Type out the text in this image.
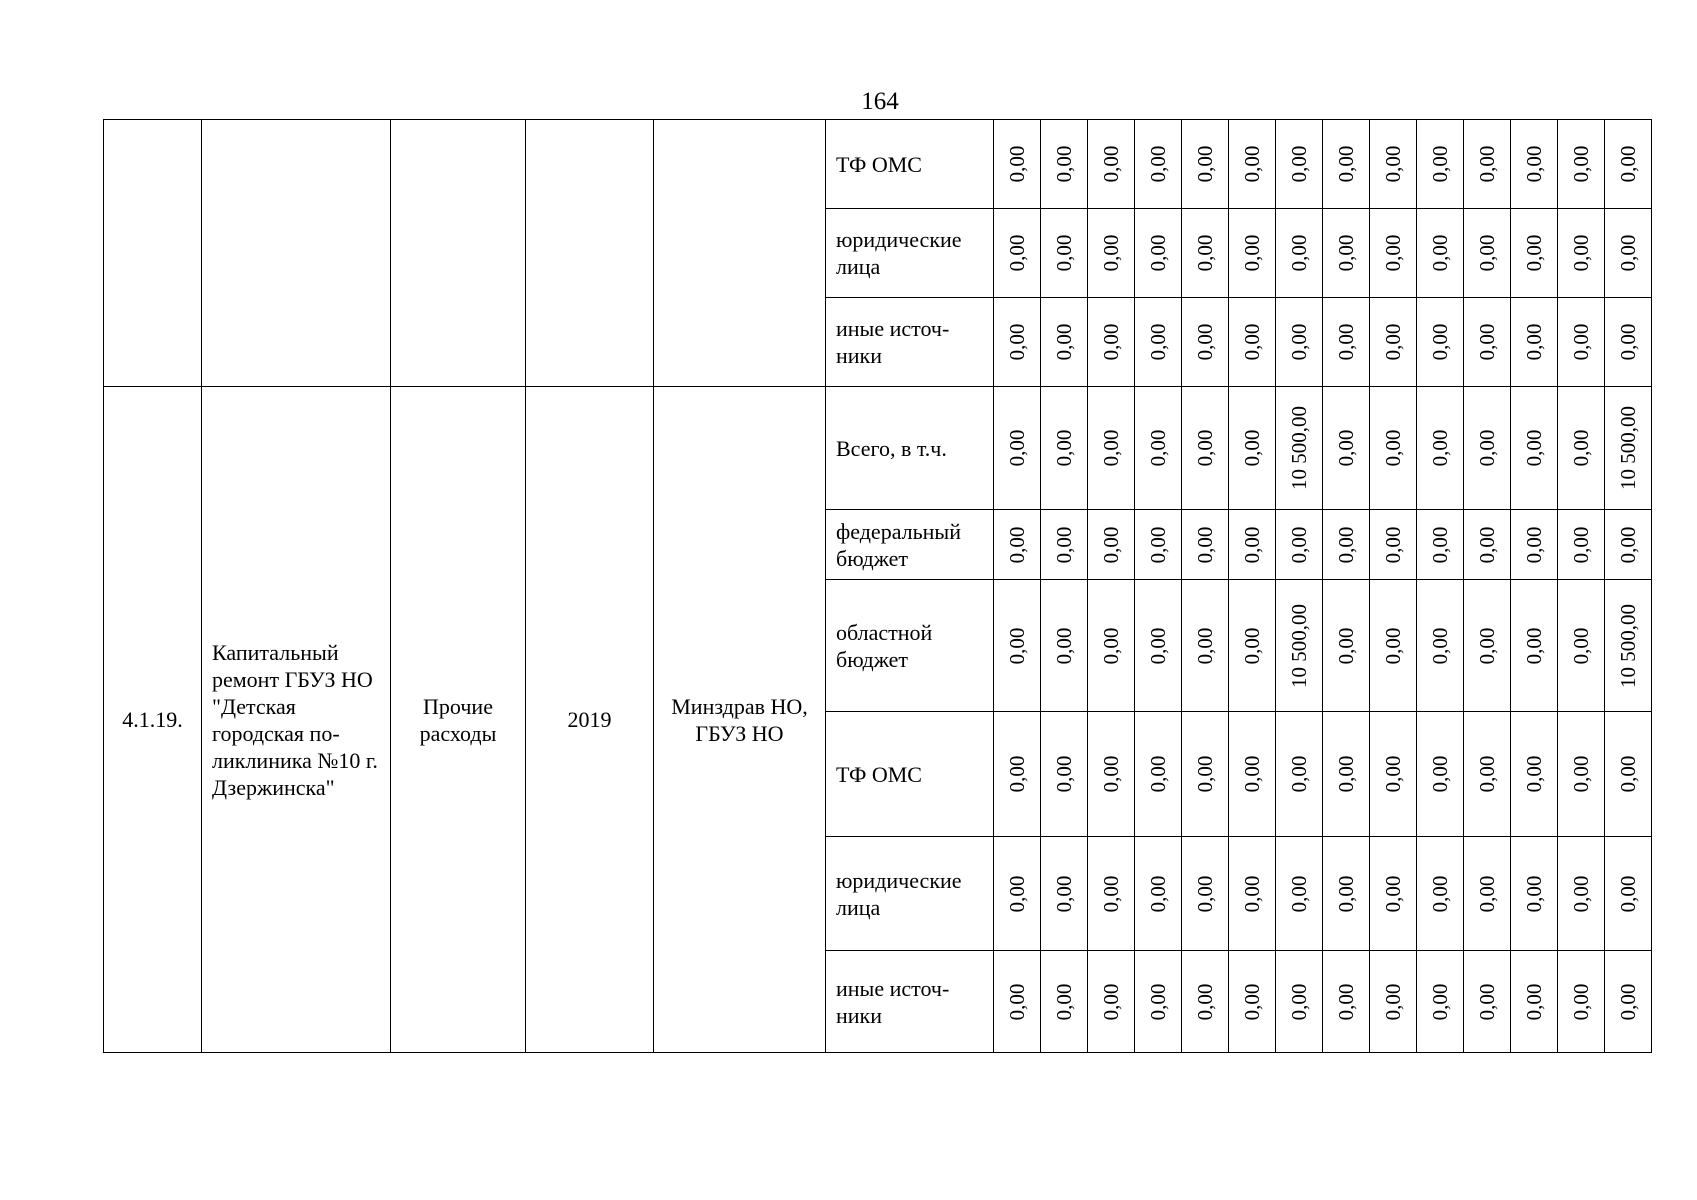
164
					ТФ ОМС	0,00	0,00	0,00	0,00	0,00	0,00	0,00	0,00	0,00	0,00	0,00	0,00	0,00	0,00

					юридические лица	0,00	0,00	0,00	0,00	0,00	0,00	0,00	0,00	0,00	0,00	0,00	0,00	0,00	0,00

					иные источ-ники	0,00	0,00	0,00	0,00	0,00	0,00	0,00	0,00	0,00	0,00	0,00	0,00	0,00	0,00

4.1.19.	Капитальный ремонт ГБУЗ НО "Детская городская по-ликлиника №10 г. Дзержинска"	Прочие расходы	2019	Минздрав НО, ГБУЗ НО	Всего, в т.ч.	0,00	0,00	0,00	0,00	0,00	0,00	10 500,00	0,00	0,00	0,00	0,00	0,00	0,00	10 500,00

					федеральный бюджет	0,00	0,00	0,00	0,00	0,00	0,00	0,00	0,00	0,00	0,00	0,00	0,00	0,00	0,00

					областной бюджет	0,00	0,00	0,00	0,00	0,00	0,00	10 500,00	0,00	0,00	0,00	0,00	0,00	0,00	10 500,00

					ТФ ОМС	0,00	0,00	0,00	0,00	0,00	0,00	0,00	0,00	0,00	0,00	0,00	0,00	0,00	0,00

					юридические лица	0,00	0,00	0,00	0,00	0,00	0,00	0,00	0,00	0,00	0,00	0,00	0,00	0,00	0,00

					иные источ-ники	0,00	0,00	0,00	0,00	0,00	0,00	0,00	0,00	0,00	0,00	0,00	0,00	0,00	0,00
